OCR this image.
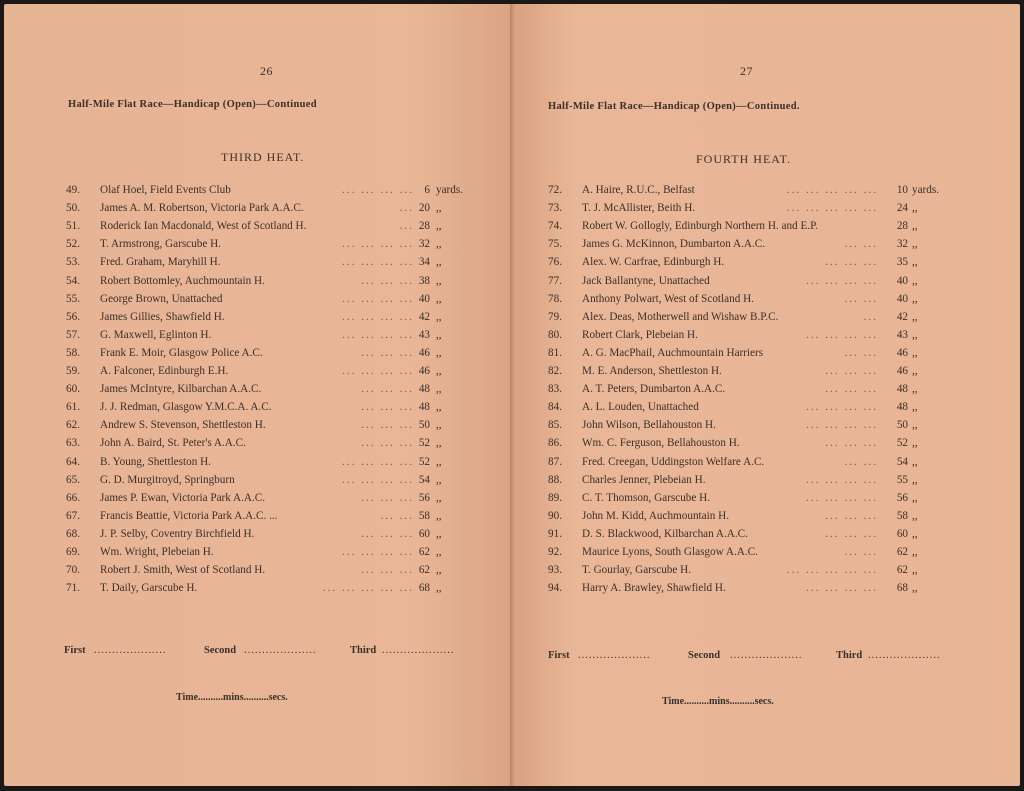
26
Half-Mile Flat Race—Handicap (Open)—Continued
THIRD HEAT.
49.	Olaf Hoel, Field Events Club	... ... ... ... 6 yards.
50.	James A. M. Robertson, Victoria Park A.A.C.	... 20 ,,
51.	Roderick Ian Macdonald, West of Scotland H.	... 28 ,,
52.	T. Armstrong, Garscube H.	... ... ... ... 32 ,,
53.	Fred. Graham, Maryhill H.	... ... ... ... 34 ,,
54.	Robert Bottomley, Auchmountain H.	... ... ... 38 ,,
55.	George Brown, Unattached	... ... ... ... 40 ,,
56.	James Gillies, Shawfield H.	... ... ... ... 42 ,,
57.	G. Maxwell, Eglinton H.	... ... ... ... 43 ,,
58.	Frank E. Moir, Glasgow Police A.C.	... ... ... 46 ,,
59.	A. Falconer, Edinburgh E.H.	... ... ... ... 46 ,,
60.	James McIntyre, Kilbarchan A.A.C.	... ... ... 48 ,,
61.	J. J. Redman, Glasgow Y.M.C.A. A.C.	... ... ... 48 ,,
62.	Andrew S. Stevenson, Shettleston H.	... ... ... 50 ,,
63.	John A. Baird, St. Peter's A.A.C.	... ... ... 52 ,,
64.	B. Young, Shettleston H.	... ... ... ... 52 ,,
65.	G. D. Murgitroyd, Springburn	... ... ... ... 54 ,,
66.	James P. Ewan, Victoria Park A.A.C.	... ... ... 56 ,,
67.	Francis Beattie, Victoria Park A.A.C. ...	... ... 58 ,,
68.	J. P. Selby, Coventry Birchfield H.	... ... ... 60 ,,
69.	Wm. Wright, Plebeian H.	... ... ... ... 62 ,,
70.	Robert J. Smith, West of Scotland H.	... ... ... 62 ,,
71.	T. Daily, Garscube H.	... ... ... ... ... 68 ,,
First ....................	Second ....................	Third ....................
Time..........mins..........secs.
27
Half-Mile Flat Race—Handicap (Open)—Continued.
FOURTH HEAT.
72.	A. Haire, R.U.C., Belfast	... ... ... ... ...	10 yards.
73.	T. J. McAllister, Beith H.	... ... ... ... ...	24 ,,
74.	Robert W. Gollogly, Edinburgh Northern H. and E.P.	28 ,,
75.	James G. McKinnon, Dumbarton A.A.C.	... ...	32 ,,
76.	Alex. W. Carfrae, Edinburgh H.	... ... ...	35 ,,
77.	Jack Ballantyne, Unattached	... ... ... ...	40 ,,
78.	Anthony Polwart, West of Scotland H.	... ...	40 ,,
79.	Alex. Deas, Motherwell and Wishaw B.P.C.	...	42 ,,
80.	Robert Clark, Plebeian H.	... ... ... ...	43 ,,
81.	A. G. MacPhail, Auchmountain Harriers	... ...	46 ,,
82.	M. E. Anderson, Shettleston H.	... ... ...	46 ,,
83.	A. T. Peters, Dumbarton A.A.C.	... ... ...	48 ,,
84.	A. L. Louden, Unattached	... ... ... ...	48 ,,
85.	John Wilson, Bellahouston H.	... ... ... ...	50 ,,
86.	Wm. C. Ferguson, Bellahouston H.	... ... ...	52 ,,
87.	Fred. Creegan, Uddingston Welfare A.C.	... ...	54 ,,
88.	Charles Jenner, Plebeian H.	... ... ... ...	55 ,,
89.	C. T. Thomson, Garscube H.	... ... ... ...	56 ,,
90.	John M. Kidd, Auchmountain H.	... ... ...	58 ,,
91.	D. S. Blackwood, Kilbarchan A.A.C.	... ... ...	60 ,,
92.	Maurice Lyons, South Glasgow A.A.C.	... ...	62 ,,
93.	T. Gourlay, Garscube H.	... ... ... ... ...	62 ,,
94.	Harry A. Brawley, Shawfield H.	... ... ... ...	68 ,,
First ....................	Second ....................	Third ....................
Time..........mins..........secs.
